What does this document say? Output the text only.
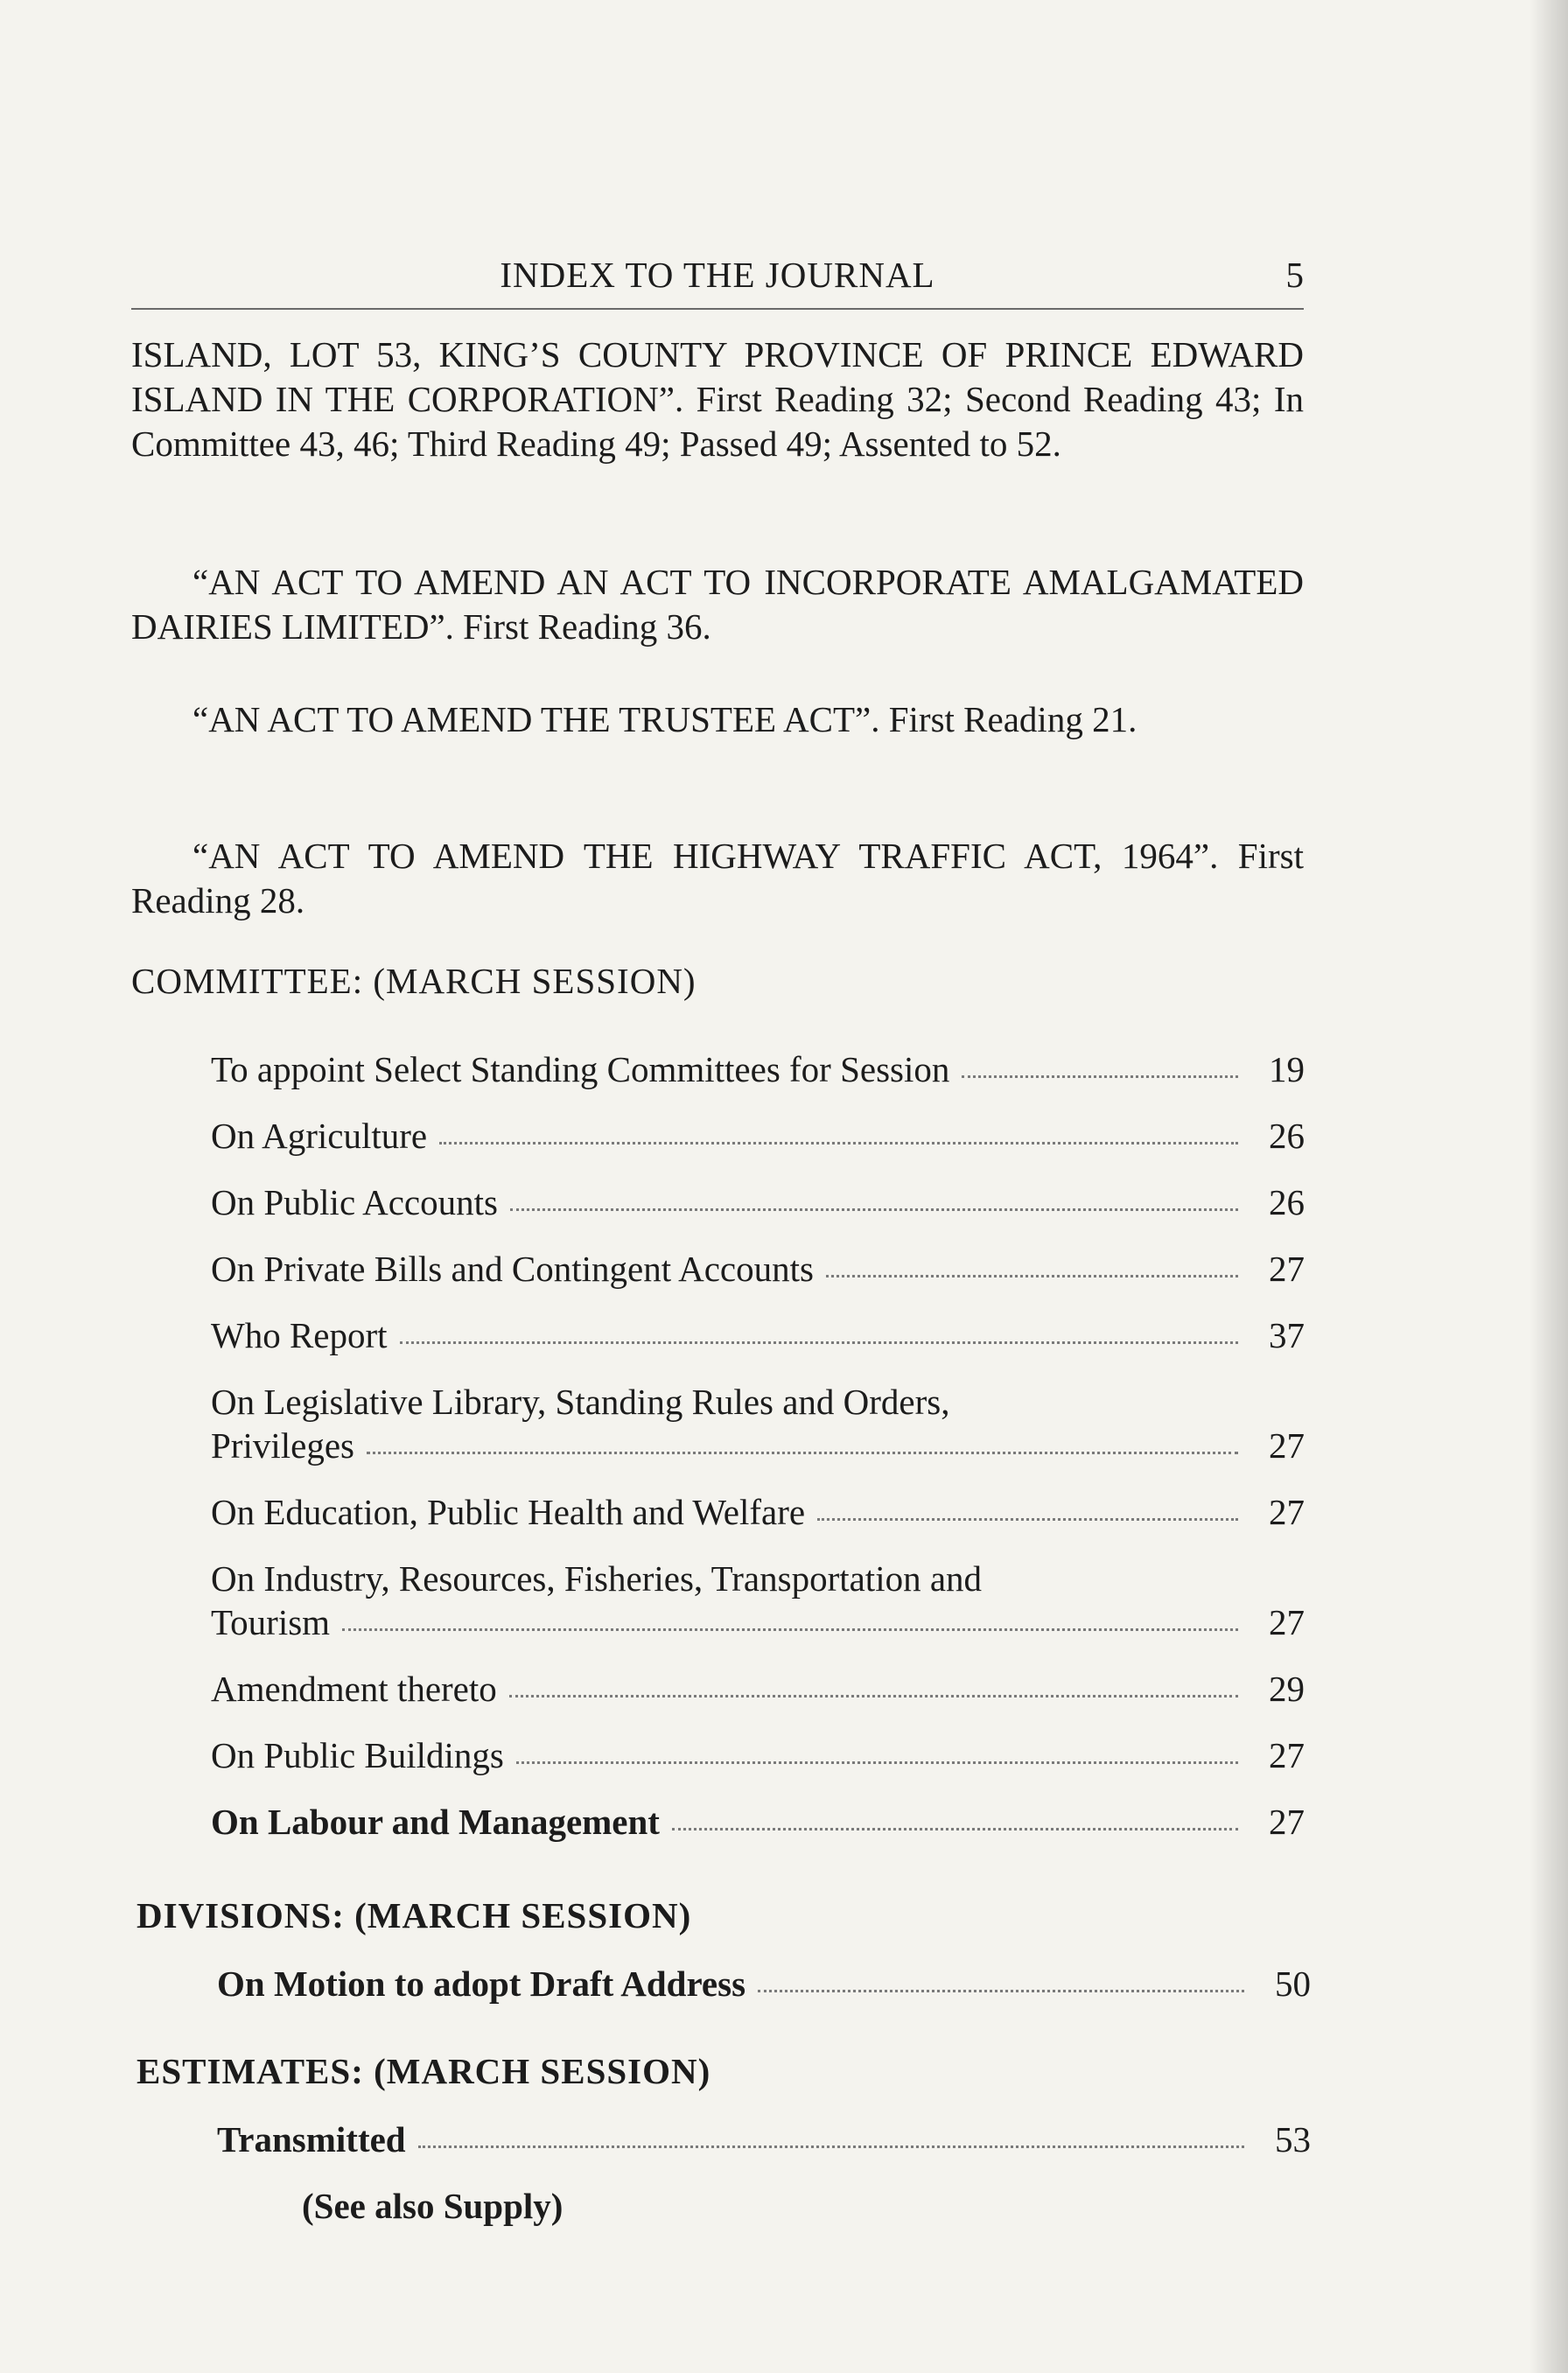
INDEX TO THE JOURNAL	5

ISLAND, LOT 53, KING’S COUNTY PROVINCE OF PRINCE EDWARD ISLAND IN THE CORPORATION”. First Reading 32; Second Reading 43; In Committee 43, 46; Third Reading 49; Passed 49; Assented to 52.

“AN ACT TO AMEND AN ACT TO INCORPORATE AMALGAMATED DAIRIES LIMITED”. First Reading 36.

“AN ACT TO AMEND THE TRUSTEE ACT”. First Reading 21.

“AN ACT TO AMEND THE HIGHWAY TRAFFIC ACT, 1964”. First Reading 28.

COMMITTEE: (MARCH SESSION)
To appoint Select Standing Committees for Session	19
On Agriculture	26
On Public Accounts	26
On Private Bills and Contingent Accounts	27
Who Report	37
On Legislative Library, Standing Rules and Orders,
Privileges	27
On Education, Public Health and Welfare	27
On Industry, Resources, Fisheries, Transportation and
Tourism	27
Amendment thereto	29
On Public Buildings	27
On Labour and Management	27
DIVISIONS: (MARCH SESSION)
On Motion to adopt Draft Address	50
ESTIMATES: (MARCH SESSION)
Transmitted	53
(See also Supply)
